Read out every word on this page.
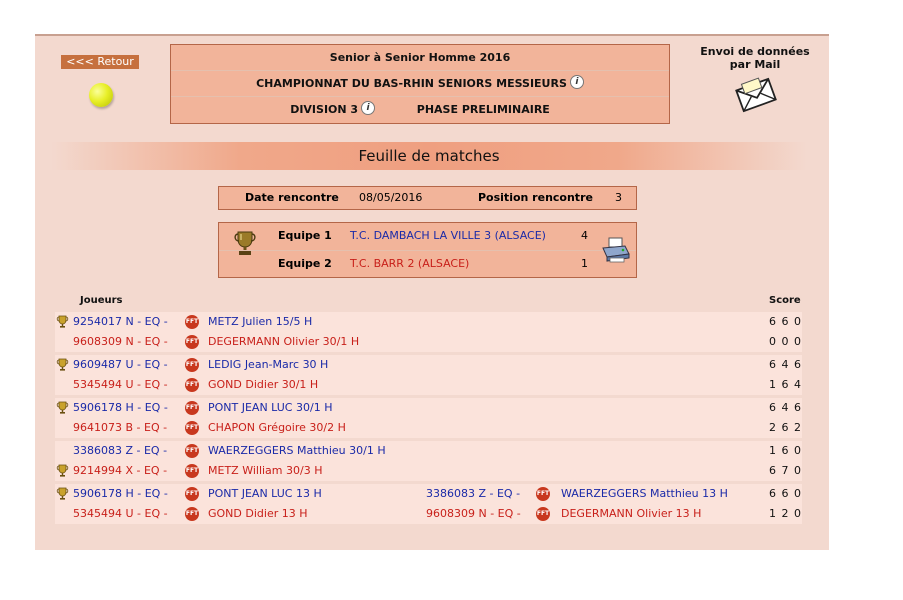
<<< Retour	Senior à Senior Homme 2016
CHAMPIONNAT DU BAS-RHIN SENIORS MESSIEURS i
DIVISION 3 i	PHASE PRELIMINAIRE
Envoi de données
par Mail
Feuille de matches
Date rencontre 08/05/2016	Position rencontre 3
Equipe 1 T.C. DAMBACH LA VILLE 3 (ALSACE)	4
Equipe 2 T.C. BARR 2 (ALSACE)	1
Joueurs	Score
9254017 N - EQ -	FFT METZ Julien 15/5 H	6 6 0
9608309 N - EQ -	FFT DEGERMANN Olivier 30/1 H	0 0 0
9609487 U - EQ -	FFT LEDIG Jean-Marc 30 H	6 4 6
5345494 U - EQ -	FFT GOND Didier 30/1 H	1 6 4
5906178 H - EQ -	FFT PONT JEAN LUC 30/1 H	6 4 6
9641073 B - EQ -	FFT CHAPON Grégoire 30/2 H	2 6 2
3386083 Z - EQ -	FFT WAERZEGGERS Matthieu 30/1 H	1 6 0
9214994 X - EQ -	FFT METZ William 30/3 H	6 7 0
5906178 H - EQ -	FFT PONT JEAN LUC 13 H	3386083 Z - EQ -	FFT WAERZEGGERS Matthieu 13 H	6 6 0
5345494 U - EQ -	FFT GOND Didier 13 H	9608309 N - EQ -	FFT DEGERMANN Olivier 13 H	1 2 0
